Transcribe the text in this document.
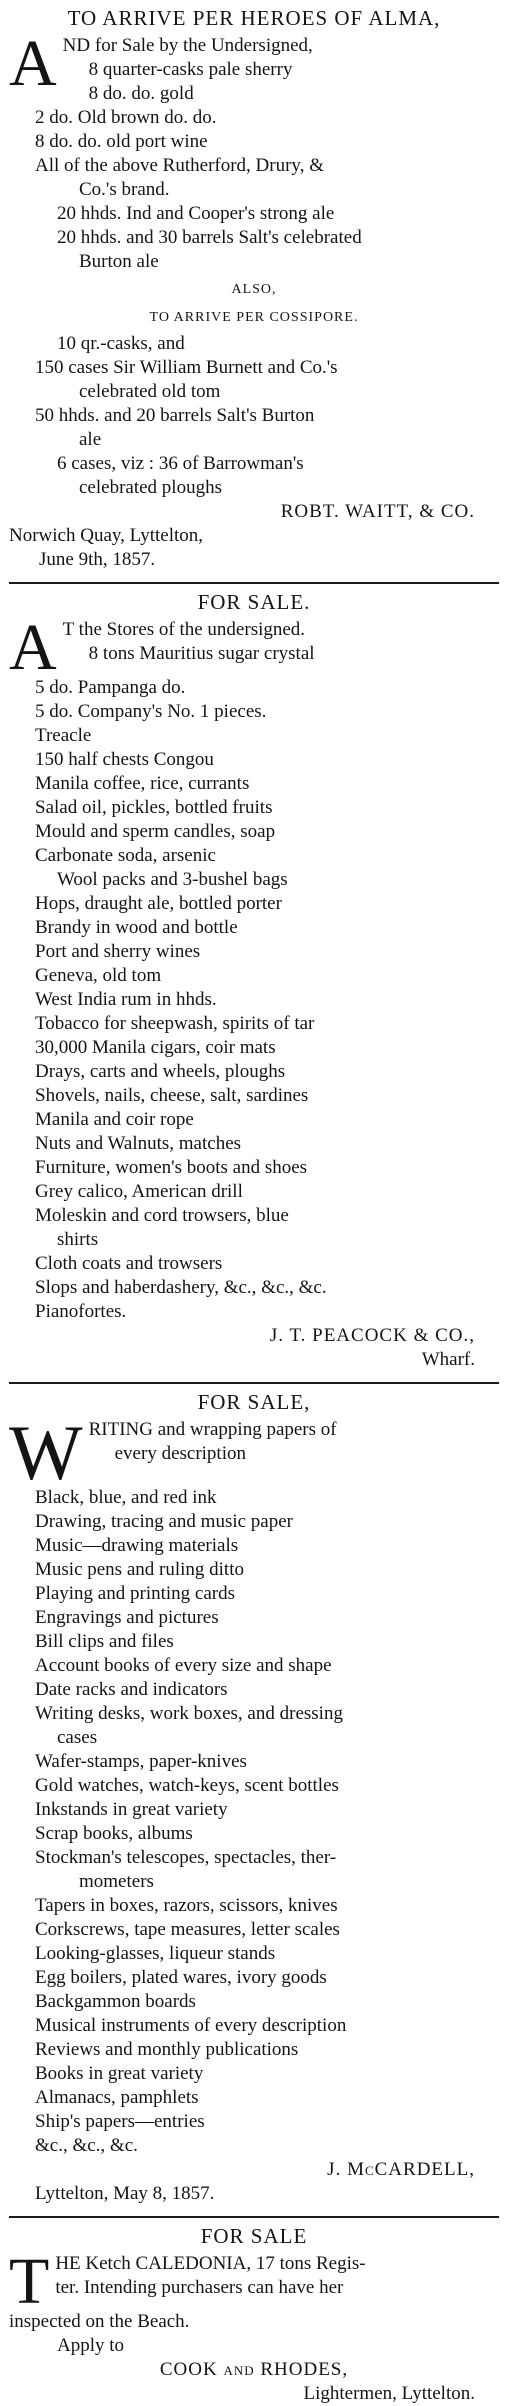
TO ARRIVE PER HEROES OF ALMA,
A ND for Sale by the Undersigned,
8 quarter-casks pale sherry
8 do. do. gold
2 do. Old brown do. do.
8 do. do. old port wine
All of the above Rutherford, Drury, &
Co.'s brand.
20 hhds. Ind and Cooper's strong ale
20 hhds. and 30 barrels Salt's celebrated
Burton ale
ALSO,
TO ARRIVE PER COSSIPORE.
10 qr.-casks, and
150 cases Sir William Burnett and Co.'s
celebrated old tom
50 hhds. and 20 barrels Salt's Burton
ale
6 cases, viz : 36 of Barrowman's
celebrated ploughs
ROBT. WAITT, & CO.
Norwich Quay, Lyttelton,
June 9th, 1857.
FOR SALE.
A T the Stores of the undersigned.
8 tons Mauritius sugar crystal
5 do. Pampanga do.
5 do. Company's No. 1 pieces.
Treacle
150 half chests Congou
Manila coffee, rice, currants
Salad oil, pickles, bottled fruits
Mould and sperm candles, soap
Carbonate soda, arsenic
Wool packs and 3-bushel bags
Hops, draught ale, bottled porter
Brandy in wood and bottle
Port and sherry wines
Geneva, old tom
West India rum in hhds.
Tobacco for sheepwash, spirits of tar
30,000 Manila cigars, coir mats
Drays, carts and wheels, ploughs
Shovels, nails, cheese, salt, sardines
Manila and coir rope
Nuts and Walnuts, matches
Furniture, women's boots and shoes
Grey calico, American drill
Moleskin and cord trowsers, blue
shirts
Cloth coats and trowsers
Slops and haberdashery, &c., &c., &c.
Pianofortes.
J. T. PEACOCK & CO.,
Wharf.
FOR SALE,
W RITING and wrapping papers of
every description
Black, blue, and red ink
Drawing, tracing and music paper
Music—drawing materials
Music pens and ruling ditto
Playing and printing cards
Engravings and pictures
Bill clips and files
Account books of every size and shape
Date racks and indicators
Writing desks, work boxes, and dressing
cases
Wafer-stamps, paper-knives
Gold watches, watch-keys, scent bottles
Inkstands in great variety
Scrap books, albums
Stockman's telescopes, spectacles, ther-
mometers
Tapers in boxes, razors, scissors, knives
Corkscrews, tape measures, letter scales
Looking-glasses, liqueur stands
Egg boilers, plated wares, ivory goods
Backgammon boards
Musical instruments of every description
Reviews and monthly publications
Books in great variety
Almanacs, pamphlets
Ship's papers—entries
&c., &c., &c.
J. McCARDELL,
Lyttelton, May 8, 1857.
FOR SALE
T HE Ketch CALEDONIA, 17 tons Regis-
ter. Intending purchasers can have her
inspected on the Beach.
Apply to
COOK and RHODES,
Lightermen, Lyttelton.
